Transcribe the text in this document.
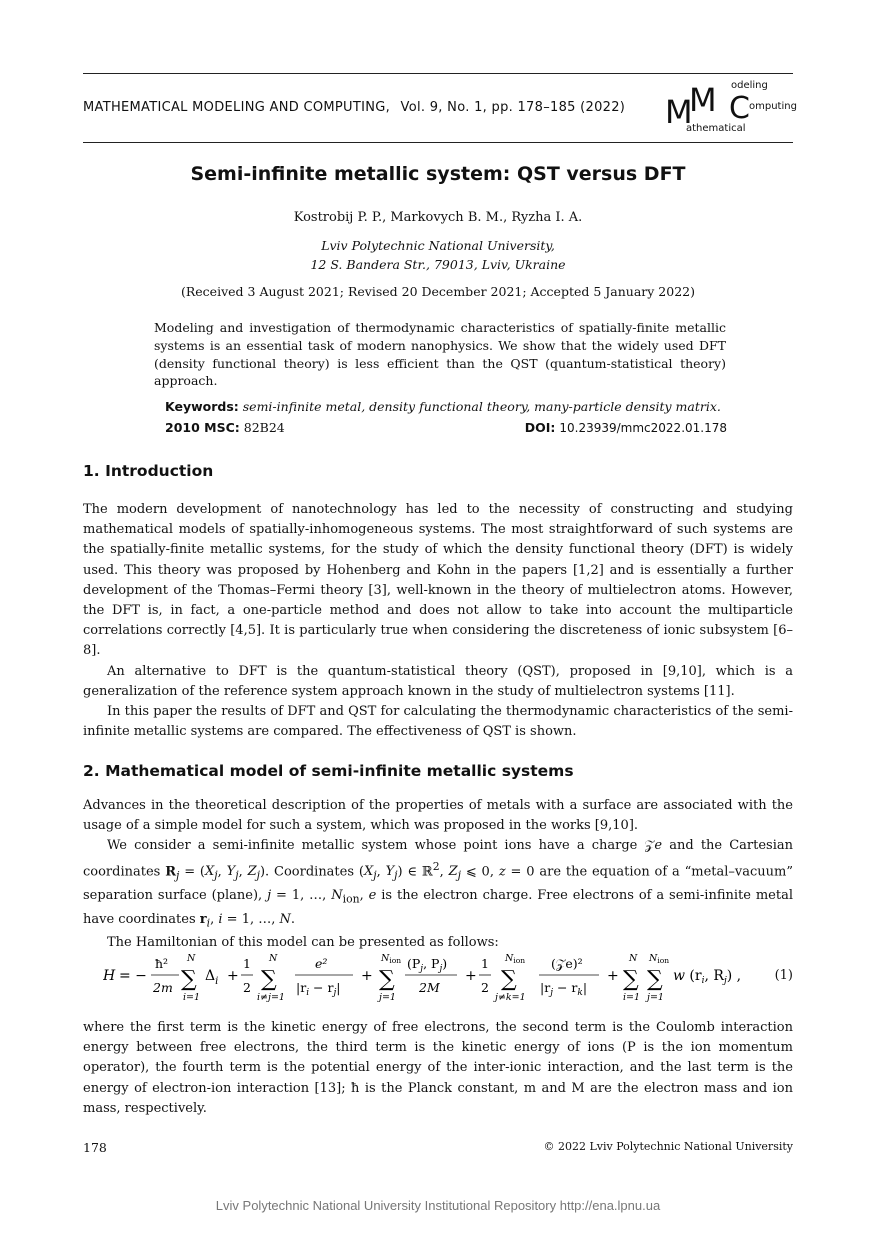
MATHEMATICAL MODELING AND COMPUTING, Vol. 9, No. 1, pp. 178–185 (2022) M
M C
odeling
omputing
athematical
Semi-infinite metallic system: QST versus DFT
Kostrobij P. P., Markovych B. M., Ryzha I. A.
Lviv Polytechnic National University,
12 S. Bandera Str., 79013, Lviv, Ukraine
(Received 3 August 2021; Revised 20 December 2021; Accepted 5 January 2022)
Modeling and investigation of thermodynamic characteristics of spatially-finite metallic systems is an essential task of modern nanophysics. We show that the widely used DFT (density functional theory) is less efficient than the QST (quantum-statistical theory) approach.
Keywords: semi-infinite metal, density functional theory, many-particle density matrix.
2010 MSC: 82B24	DOI: 10.23939/mmc2022.01.178
1. Introduction

The modern development of nanotechnology has led to the necessity of constructing and studying mathematical models of spatially-inhomogeneous systems. The most straightforward of such systems are the spatially-finite metallic systems, for the study of which the density functional theory (DFT) is widely used. This theory was proposed by Hohenberg and Kohn in the papers [1,2] and is essentially a further development of the Thomas–Fermi theory [3], well-known in the theory of multielectron atoms. However, the DFT is, in fact, a one-particle method and does not allow to take into account the multiparticle correlations correctly [4,5]. It is particularly true when considering the discreteness of ionic subsystem [6–8].

An alternative to DFT is the quantum-statistical theory (QST), proposed in [9,10], which is a generalization of the reference system approach known in the study of multielectron systems [11].

In this paper the results of DFT and QST for calculating the thermodynamic characteristics of the semi-infinite metallic systems are compared. The effectiveness of QST is shown.

2. Mathematical model of semi-infinite metallic systems

Advances in the theoretical description of the properties of metals with a surface are associated with the usage of a simple model for such a system, which was proposed in the works [9,10].

We consider a semi-infinite metallic system whose point ions have a charge 𝒵e and the Cartesian coordinates $R_j = (X_j$, $Y_j$, $Z_j$). Coordinates ($X_j$, $Y_j$) ∈ ℝ$^2$, $Z_j$ ⩽ 0, z = 0 are the equation of a “metal–vacuum” separation surface (plane), j = 1, …, $N_{ion}$, e is the electron charge. Free electrons of a semi-infinite metal have coordinates $r_i$, i = 1, …, N.

The Hamiltonian of this model can be presented as follows:

H = −
ħ²
2m
N
∑
i=1
$\Delta_i$ +
1
2
N
∑
i≠j=1
e²
$|r_i - r_j|$
+
$N_{ion}$
∑
j=1
($P_j$, $P_j$)
2M
+
1
2
$N_{ion}$
∑
j≠k=1
(𝒵e)²
$|r_j - r_k|$
+
N
∑
i=1
$N_{ion}$
∑
j=1
w ($r_i$, $R_j$) ,	(1)

where the first term is the kinetic energy of free electrons, the second term is the Coulomb interaction energy between free electrons, the third term is the kinetic energy of ions (P is the ion momentum operator), the fourth term is the potential energy of the inter-ionic interaction, and the last term is the energy of electron-ion interaction [13]; ħ is the Planck constant, m and M are the electron mass and ion mass, respectively.

178	© 2022 Lviv Polytechnic National University
Lviv Polytechnic National University Institutional Repository http://ena.lpnu.ua
